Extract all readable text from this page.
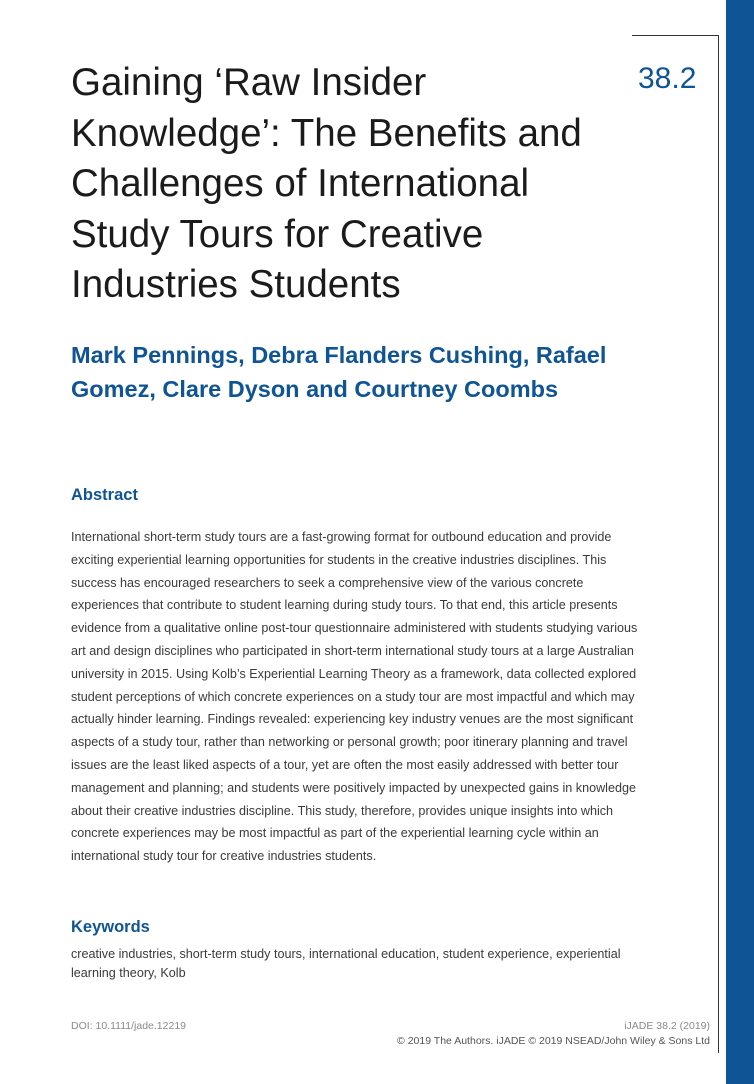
38.2
Gaining ‘Raw Insider Knowledge’: The Benefits and Challenges of International Study Tours for Creative Industries Students

Mark Pennings, Debra Flanders Cushing, Rafael Gomez, Clare Dyson and Courtney Coombs

Abstract

International short-term study tours are a fast-growing format for outbound education and provide exciting experiential learning opportunities for students in the creative industries disciplines. This success has encouraged researchers to seek a comprehensive view of the various concrete experiences that contribute to student learning during study tours. To that end, this article presents evidence from a qualitative online post-tour questionnaire administered with students studying various art and design disciplines who participated in short-term international study tours at a large Australian university in 2015. Using Kolb’s Experiential Learning Theory as a framework, data collected explored student perceptions of which concrete experiences on a study tour are most impactful and which may actually hinder learning. Findings revealed: experiencing key industry venues are the most significant aspects of a study tour, rather than networking or personal growth; poor itinerary planning and travel issues are the least liked aspects of a tour, yet are often the most easily addressed with better tour management and planning; and students were positively impacted by unexpected gains in knowledge about their creative industries discipline. This study, therefore, provides unique insights into which concrete experiences may be most impactful as part of the experiential learning cycle within an international study tour for creative industries students.

Keywords

creative industries, short-term study tours, international education, student experience, experiential learning theory, Kolb

DOI: 10.1111/jade.12219	iJADE 38.2 (2019)
© 2019 The Authors. iJADE © 2019 NSEAD/John Wiley & Sons Ltd
